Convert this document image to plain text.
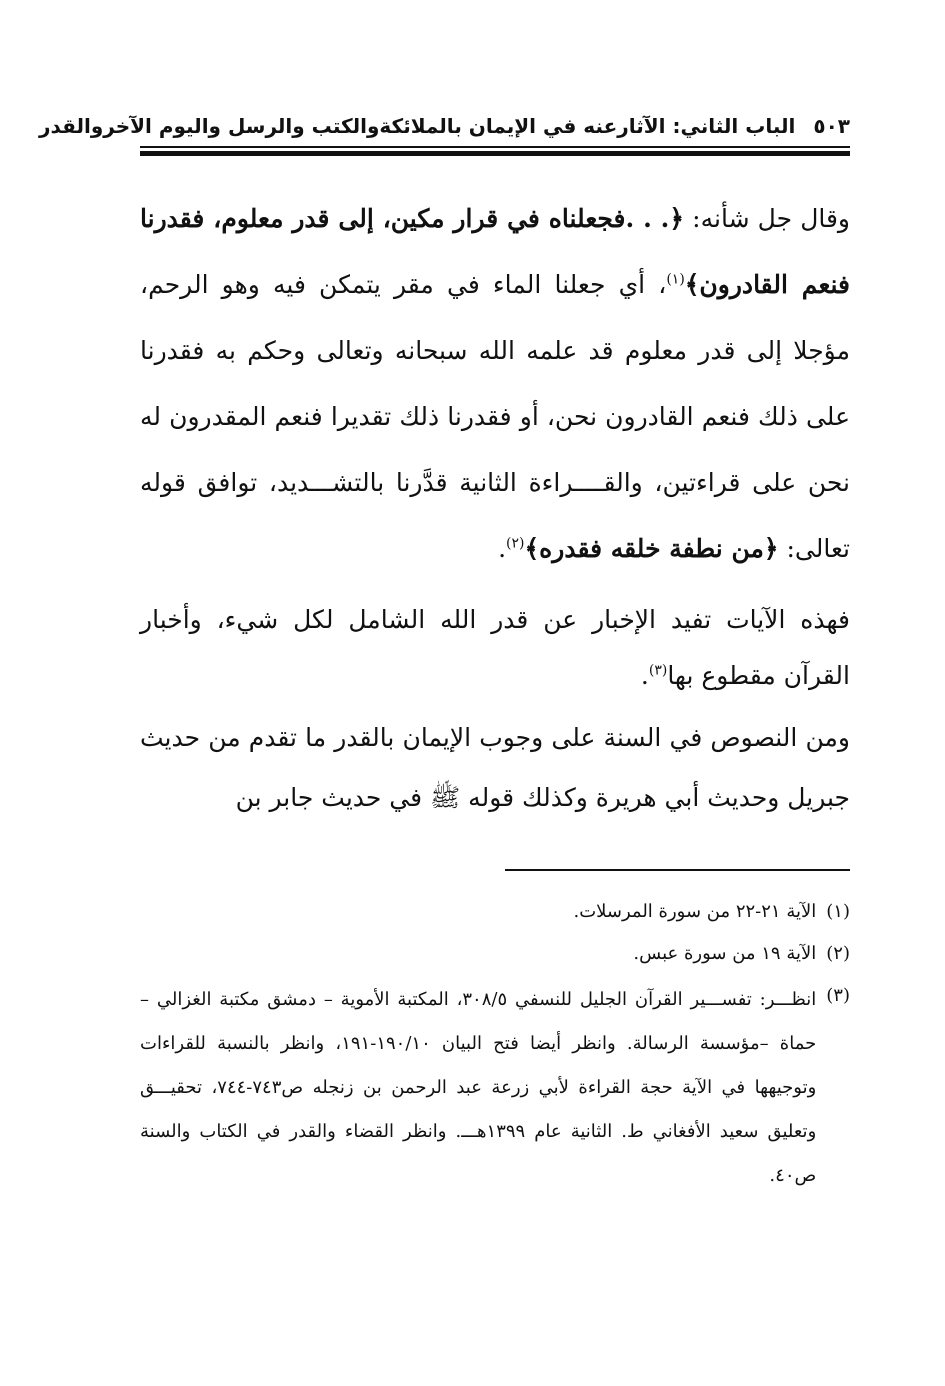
٥٠٣
الباب الثاني: الآثارعنه في الإيمان بالملائكةوالكتب والرسل واليوم الآخروالقدر

وقال جل شأنه: ﴿. . .فجعلناه في قرار مكين، إلى قدر معلوم، فقدرنا فنعم القادرون﴾$^{(١)}$، أي جعلنا الماء في مقر يتمكن فيه وهو الرحم، مؤجلا إلى قدر معلوم قد علمه الله سبحانه وتعالى وحكم به فقدرنا على ذلك فنعم القادرون نحن، أو فقدرنا ذلك تقديرا فنعم المقدرون له نحن على قراءتين، والقــــراءة الثانية قدَّرنا بالتشـــديد، توافق قوله تعالى: ﴿من نطفة خلقه فقدره﴾$^{(٢)}$.

فهذه الآيات تفيد الإخبار عن قدر الله الشامل لكل شيء، وأخبار القرآن مقطوع بها$^{(٣)}$.

ومن النصوص في السنة على وجوب الإيمان بالقدر ما تقدم من حديث جبريل وحديث أبي هريرة وكذلك قوله ﷺ في حديث جابر بن

(١)
الآية ٢١-٢٢ من سورة المرسلات.
(٢)
الآية ١٩ من سورة عبس.
(٣)
انظـــر: تفســـير القرآن الجليل للنسفي ٣٠٨/٥، المكتبة الأموية – دمشق مكتبة الغزالي –حماة –مؤسسة الرسالة. وانظر أيضا فتح البيان ١٩٠/١٠-١٩١، وانظر بالنسبة للقراءات وتوجيهها في الآية حجة القراءة لأبي زرعة عبد الرحمن بن زنجله ص٧٤٣-٧٤٤، تحقيـــق وتعليق سعيد الأفغاني ط. الثانية عام ١٣٩٩هـــ. وانظر القضاء والقدر في الكتاب والسنة ص٤٠.
